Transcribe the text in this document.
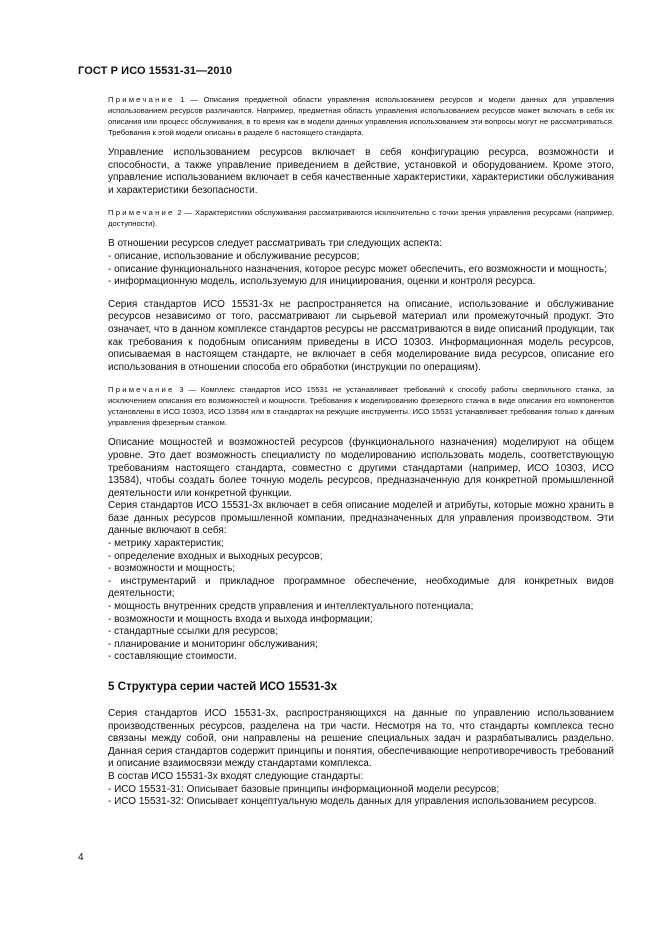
ГОСТ Р ИСО 15531-31—2010

Примечание 1 — Описания предметной области управления использованием ресурсов и модели данных для управления использованием ресурсов различаются. Например, предметная область управления использованием ресурсов может включать в себя их описания или процесс обслуживания, в то время как в модели данных управления использованием эти вопросы могут не рассматриваться. Требования к этой модели описаны в разделе 6 настоящего стандарта.

Управление использованием ресурсов включает в себя конфигурацию ресурса, возможности и способности, а также управление приведением в действие, установкой и оборудованием. Кроме этого, управление использованием включает в себя качественные характеристики, характеристики обслуживания и характеристики безопасности.

Примечание 2 — Характеристики обслуживания рассматриваются исключительно с точки зрения управления ресурсами (например, доступности).

В отношении ресурсов следует рассматривать три следующих аспекта:

- описание, использование и обслуживание ресурсов;

- описание функционального назначения, которое ресурс может обеспечить, его возможности и мощность;

- информационную модель, используемую для инициирования, оценки и контроля ресурса.

Серия стандартов ИСО 15531-3х не распространяется на описание, использование и обслуживание ресурсов независимо от того, рассматривают ли сырьевой материал или промежуточный продукт. Это означает, что в данном комплексе стандартов ресурсы не рассматриваются в виде описаний продукции, так как требования к подобным описаниям приведены в ИСО 10303. Информационная модель ресурсов, описываемая в настоящем стандарте, не включает в себя моделирование вида ресурсов, описание его использования в отношении способа его обработки (инструкции по операциям).

Примечание 3 — Комплекс стандартов ИСО 15531 не устанавливает требований к способу работы сверлильного станка, за исключением описания его возможностей и мощности. Требования к моделированию фрезерного станка в виде описания его компонентов установлены в ИСО 10303, ИСО 13584 или в стандартах на режущие инструменты. ИСО 15531 устанавливает требования только к данным управления фрезерным станком.

Описание мощностей и возможностей ресурсов (функционального назначения) моделируют на общем уровне. Это дает возможность специалисту по моделированию использовать модель, соответствующую требованиям настоящего стандарта, совместно с другими стандартами (например, ИСО 10303, ИСО 13584), чтобы создать более точную модель ресурсов, предназначенную для конкретной промышленной деятельности или конкретной функции.

Серия стандартов ИСО 15531-3х включает в себя описание моделей и атрибуты, которые можно хранить в базе данных ресурсов промышленной компании, предназначенных для управления производством. Эти данные включают в себя:

- метрику характеристик;

- определение входных и выходных ресурсов;

- возможности и мощность;

- инструментарий и прикладное программное обеспечение, необходимые для конкретных видов деятельности;

- мощность внутренних средств управления и интеллектуального потенциала;

- возможности и мощность входа и выхода информации;

- стандартные ссылки для ресурсов;

- планирование и мониторинг обслуживания;

- составляющие стоимости.

5 Структура серии частей ИСО 15531-3х

Серия стандартов ИСО 15531-3х, распространяющихся на данные по управлению использованием производственных ресурсов, разделена на три части. Несмотря на то, что стандарты комплекса тесно связаны между собой, они направлены на решение специальных задач и разрабатывались раздельно. Данная серия стандартов содержит принципы и понятия, обеспечивающие непротиворечивость требований и описание взаимосвязи между стандартами комплекса.

В состав ИСО 15531-3х входят следующие стандарты:

- ИСО 15531-31: Описывает базовые принципы информационной модели ресурсов;

- ИСО 15531-32: Описывает концептуальную модель данных для управления использованием ресурсов.

4
